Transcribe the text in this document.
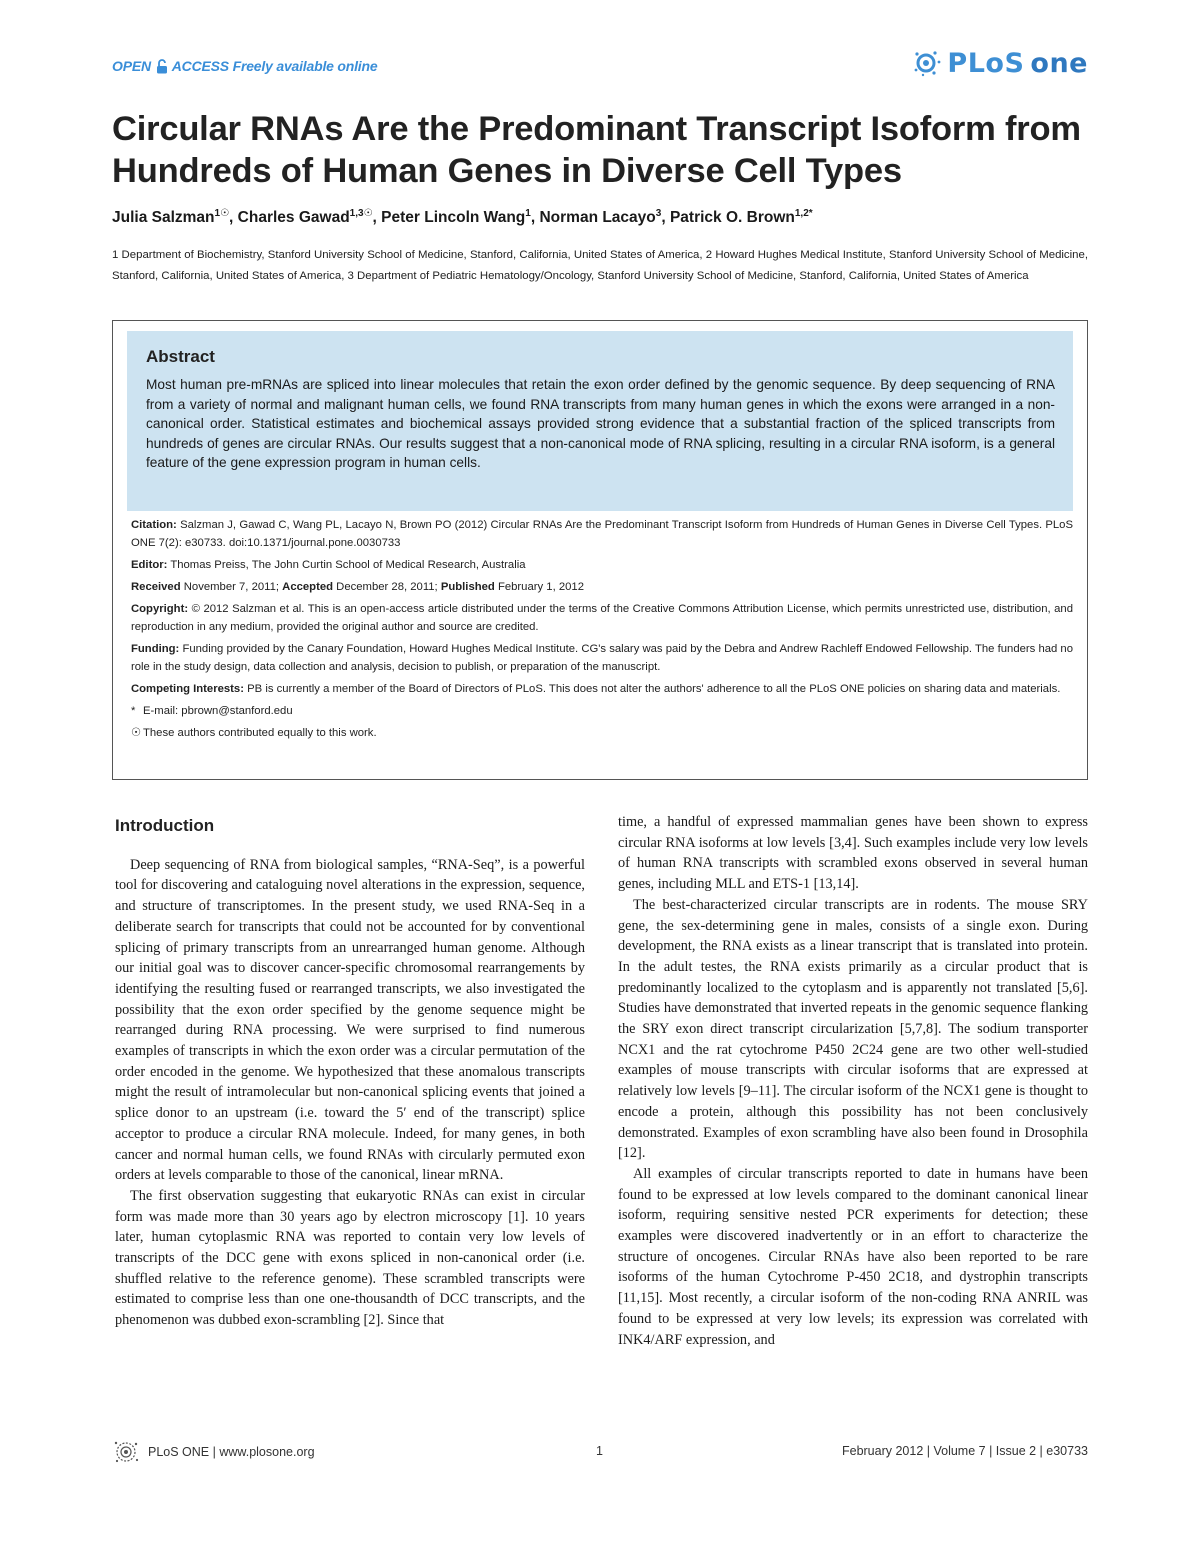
OPEN ACCESS Freely available online	PLoS one
Circular RNAs Are the Predominant Transcript Isoform from Hundreds of Human Genes in Diverse Cell Types
Julia Salzman$^{1☉}$, Charles Gawad$^{1,3☉}$, Peter Lincoln Wang$^1$, Norman Lacayo$^3$, Patrick O. Brown$^{1,2*}$
1 Department of Biochemistry, Stanford University School of Medicine, Stanford, California, United States of America, 2 Howard Hughes Medical Institute, Stanford University School of Medicine, Stanford, California, United States of America, 3 Department of Pediatric Hematology/Oncology, Stanford University School of Medicine, Stanford, California, United States of America
Abstract
Most human pre-mRNAs are spliced into linear molecules that retain the exon order defined by the genomic sequence. By deep sequencing of RNA from a variety of normal and malignant human cells, we found RNA transcripts from many human genes in which the exons were arranged in a non-canonical order. Statistical estimates and biochemical assays provided strong evidence that a substantial fraction of the spliced transcripts from hundreds of genes are circular RNAs. Our results suggest that a non-canonical mode of RNA splicing, resulting in a circular RNA isoform, is a general feature of the gene expression program in human cells.

Citation: Salzman J, Gawad C, Wang PL, Lacayo N, Brown PO (2012) Circular RNAs Are the Predominant Transcript Isoform from Hundreds of Human Genes in Diverse Cell Types. PLoS ONE 7(2): e30733. doi:10.1371/journal.pone.0030733

Editor: Thomas Preiss, The John Curtin School of Medical Research, Australia

Received November 7, 2011; Accepted December 28, 2011; Published February 1, 2012

Copyright: © 2012 Salzman et al. This is an open-access article distributed under the terms of the Creative Commons Attribution License, which permits unrestricted use, distribution, and reproduction in any medium, provided the original author and source are credited.

Funding: Funding provided by the Canary Foundation, Howard Hughes Medical Institute. CG's salary was paid by the Debra and Andrew Rachleff Endowed Fellowship. The funders had no role in the study design, data collection and analysis, decision to publish, or preparation of the manuscript.

Competing Interests: PB is currently a member of the Board of Directors of PLoS. This does not alter the authors' adherence to all the PLoS ONE policies on sharing data and materials.

* E-mail: pbrown@stanford.edu

☉ These authors contributed equally to this work.

Introduction

Deep sequencing of RNA from biological samples, “RNA-Seq”, is a powerful tool for discovering and cataloguing novel alterations in the expression, sequence, and structure of transcriptomes. In the present study, we used RNA-Seq in a deliberate search for transcripts that could not be accounted for by conventional splicing of primary transcripts from an unrearranged human genome. Although our initial goal was to discover cancer-specific chromosomal rearrangements by identifying the resulting fused or rearranged transcripts, we also investigated the possibility that the exon order specified by the genome sequence might be rearranged during RNA processing. We were surprised to find numerous examples of transcripts in which the exon order was a circular permutation of the order encoded in the genome. We hypothesized that these anomalous transcripts might the result of intramolecular but non-canonical splicing events that joined a splice donor to an upstream (i.e. toward the 5′ end of the transcript) splice acceptor to produce a circular RNA molecule. Indeed, for many genes, in both cancer and normal human cells, we found RNAs with circularly permuted exon orders at levels comparable to those of the canonical, linear mRNA.

The first observation suggesting that eukaryotic RNAs can exist in circular form was made more than 30 years ago by electron microscopy [1]. 10 years later, human cytoplasmic RNA was reported to contain very low levels of transcripts of the DCC gene with exons spliced in non-canonical order (i.e. shuffled relative to the reference genome). These scrambled transcripts were estimated to comprise less than one one-thousandth of DCC transcripts, and the phenomenon was dubbed exon-scrambling [2]. Since that

time, a handful of expressed mammalian genes have been shown to express circular RNA isoforms at low levels [3,4]. Such examples include very low levels of human RNA transcripts with scrambled exons observed in several human genes, including MLL and ETS-1 [13,14].

The best-characterized circular transcripts are in rodents. The mouse SRY gene, the sex-determining gene in males, consists of a single exon. During development, the RNA exists as a linear transcript that is translated into protein. In the adult testes, the RNA exists primarily as a circular product that is predominantly localized to the cytoplasm and is apparently not translated [5,6]. Studies have demonstrated that inverted repeats in the genomic sequence flanking the SRY exon direct transcript circularization [5,7,8]. The sodium transporter NCX1 and the rat cytochrome P450 2C24 gene are two other well-studied examples of mouse transcripts with circular isoforms that are expressed at relatively low levels [9–11]. The circular isoform of the NCX1 gene is thought to encode a protein, although this possibility has not been conclusively demonstrated. Examples of exon scrambling have also been found in Drosophila [12].

All examples of circular transcripts reported to date in humans have been found to be expressed at low levels compared to the dominant canonical linear isoform, requiring sensitive nested PCR experiments for detection; these examples were discovered inadvertently or in an effort to characterize the structure of oncogenes. Circular RNAs have also been reported to be rare isoforms of the human Cytochrome P-450 2C18, and dystrophin transcripts [11,15]. Most recently, a circular isoform of the non-coding RNA ANRIL was found to be expressed at very low levels; its expression was correlated with INK4/ARF expression, and

PLoS ONE | www.plosone.org	1	February 2012 | Volume 7 | Issue 2 | e30733
